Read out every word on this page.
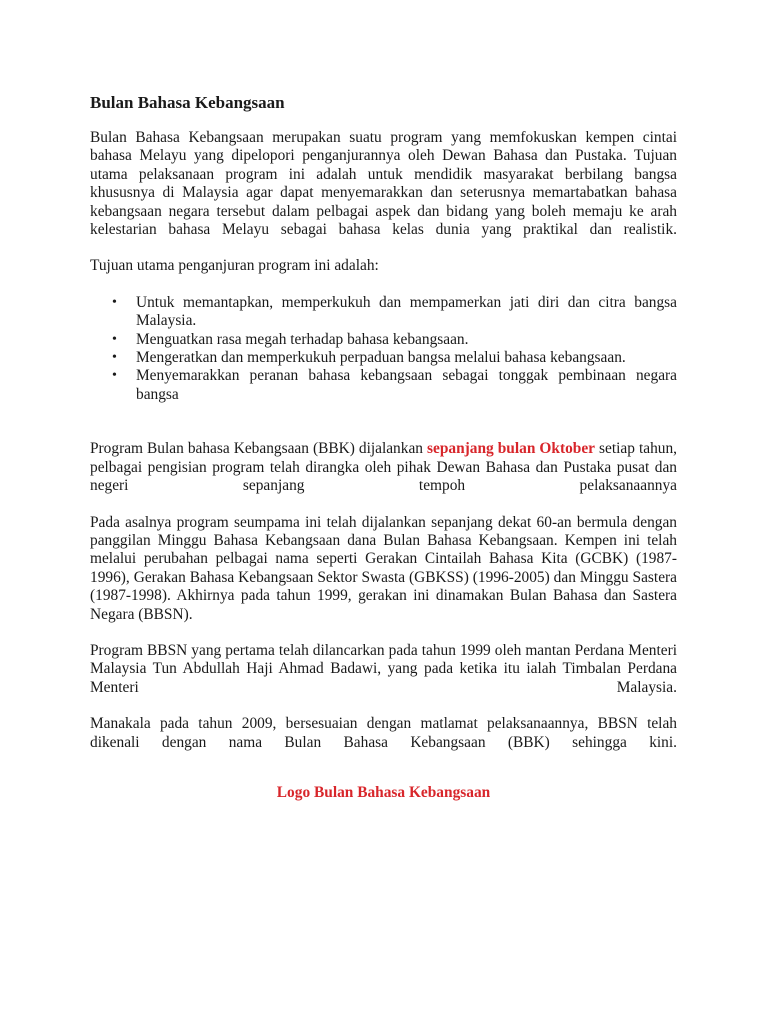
Bulan Bahasa Kebangsaan

Bulan Bahasa Kebangsaan merupakan suatu program yang memfokuskan kempen cintai bahasa Melayu yang dipelopori penganjurannya oleh Dewan Bahasa dan Pustaka. Tujuan utama pelaksanaan program ini adalah untuk mendidik masyarakat berbilang bangsa khususnya di Malaysia agar dapat menyemarakkan dan seterusnya memartabatkan bahasa kebangsaan negara tersebut dalam pelbagai aspek dan bidang yang boleh memaju ke arah kelestarian bahasa Melayu sebagai bahasa kelas dunia yang praktikal dan realistik.

Tujuan utama penganjuran program ini adalah:

• Untuk memantapkan, memperkukuh dan mempamerkan jati diri dan citra bangsa Malaysia.
• Menguatkan rasa megah terhadap bahasa kebangsaan.
• Mengeratkan dan memperkukuh perpaduan bangsa melalui bahasa kebangsaan.
• Menyemarakkan peranan bahasa kebangsaan sebagai tonggak pembinaan negara bangsa

Program Bulan bahasa Kebangsaan (BBK) dijalankan sepanjang bulan Oktober setiap tahun, pelbagai pengisian program telah dirangka oleh pihak Dewan Bahasa dan Pustaka pusat dan negeri sepanjang tempoh pelaksanaannya

Pada asalnya program seumpama ini telah dijalankan sepanjang dekat 60-an bermula dengan panggilan Minggu Bahasa Kebangsaan dana Bulan Bahasa Kebangsaan. Kempen ini telah melalui perubahan pelbagai nama seperti Gerakan Cintailah Bahasa Kita (GCBK) (1987-1996), Gerakan Bahasa Kebangsaan Sektor Swasta (GBKSS) (1996-2005) dan Minggu Sastera (1987-1998). Akhirnya pada tahun 1999, gerakan ini dinamakan Bulan Bahasa dan Sastera Negara (BBSN).

Program BBSN yang pertama telah dilancarkan pada tahun 1999 oleh mantan Perdana Menteri Malaysia Tun Abdullah Haji Ahmad Badawi, yang pada ketika itu ialah Timbalan Perdana Menteri Malaysia.

Manakala pada tahun 2009, bersesuaian dengan matlamat pelaksanaannya, BBSN telah dikenali dengan nama Bulan Bahasa Kebangsaan (BBK) sehingga kini.

Logo Bulan Bahasa Kebangsaan
